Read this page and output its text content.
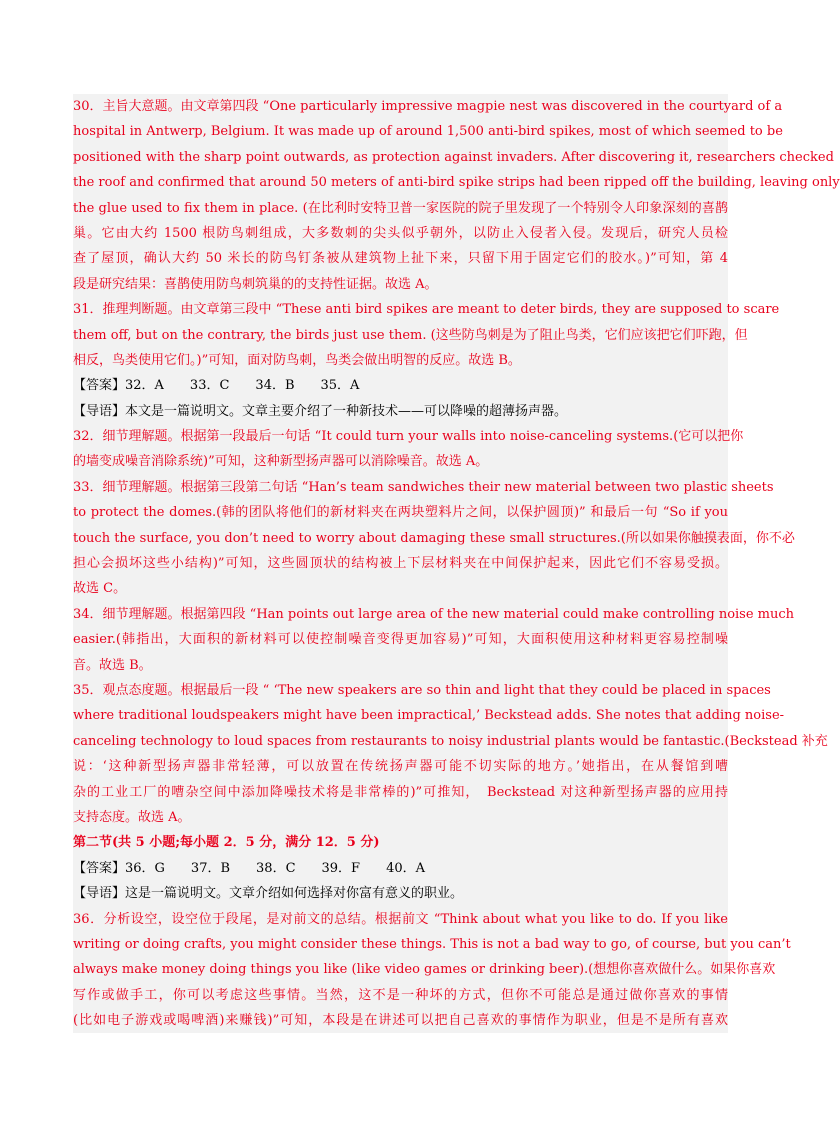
30．主旨大意题。由文章第四段 “One particularly impressive magpie nest was discovered in the courtyard of a
hospital in Antwerp, Belgium. It was made up of around 1,500 anti-bird spikes, most of which seemed to be
positioned with the sharp point outwards, as protection against invaders. After discovering it, researchers checked
the roof and confirmed that around 50 meters of anti-bird spike strips had been ripped off the building, leaving only
the glue used to fix them in place. (在比利时安特卫普一家医院的院子里发现了一个特别令人印象深刻的喜鹊
巢。它由大约 1500 根防鸟刺组成，大多数刺的尖头似乎朝外，以防止入侵者入侵。发现后，研究人员检
查了屋顶，确认大约 50 米长的防鸟钉条被从建筑物上扯下来，只留下用于固定它们的胶水。)”可知，第 4
段是研究结果：喜鹊使用防鸟刺筑巢的的支持性证据。故选 A。
31．推理判断题。由文章第三段中 “These anti bird spikes are meant to deter birds, they are supposed to scare
them off, but on the contrary, the birds just use them. (这些防鸟刺是为了阻止鸟类，它们应该把它们吓跑，但
相反，鸟类使用它们。)”可知，面对防鸟刺，鸟类会做出明智的反应。故选 B。
【答案】32．A　　33．C　　34．B　　35．A
【导语】本文是一篇说明文。文章主要介绍了一种新技术——可以降噪的超薄扬声器。
32．细节理解题。根据第一段最后一句话 “It could turn your walls into noise-canceling systems.(它可以把你
的墙变成噪音消除系统)”可知，这种新型扬声器可以消除噪音。故选 A。
33．细节理解题。根据第三段第二句话 “Han’s team sandwiches their new material between two plastic sheets
to protect the domes.(韩的团队将他们的新材料夹在两块塑料片之间，以保护圆顶)” 和最后一句 “So if you
touch the surface, you don’t need to worry about damaging these small structures.(所以如果你触摸表面，你不必
担心会损坏这些小结构)”可知，这些圆顶状的结构被上下层材料夹在中间保护起来，因此它们不容易受损。
故选 C。
34．细节理解题。根据第四段 “Han points out large area of the new material could make controlling noise much
easier.(韩指出，大面积的新材料可以使控制噪音变得更加容易)”可知，大面积使用这种材料更容易控制噪
音。故选 B。
35．观点态度题。根据最后一段 “ ‘The new speakers are so thin and light that they could be placed in spaces
where traditional loudspeakers might have been impractical,’ Beckstead adds. She notes that adding noise-
canceling technology to loud spaces from restaurants to noisy industrial plants would be fantastic.(Beckstead 补充
说：‘这种新型扬声器非常轻薄，可以放置在传统扬声器可能不切实际的地方。’她指出，在从餐馆到嘈
杂的工业工厂的嘈杂空间中添加降噪技术将是非常棒的)”可推知，　Beckstead 对这种新型扬声器的应用持
支持态度。故选 A。
第二节(共 5 小题;每小题 2．5 分，满分 12．5 分)
【答案】36．G　　37．B　　38．C　　39．F　　40．A
【导语】这是一篇说明文。文章介绍如何选择对你富有意义的职业。
36．分析设空，设空位于段尾，是对前文的总结。根据前文 “Think about what you like to do. If you like
writing or doing crafts, you might consider these things. This is not a bad way to go, of course, but you can’t
always make money doing things you like (like video games or drinking beer).(想想你喜欢做什么。如果你喜欢
写作或做手工，你可以考虑这些事情。当然，这不是一种坏的方式，但你不可能总是通过做你喜欢的事情
(比如电子游戏或喝啤酒)来赚钱)”可知，本段是在讲述可以把自己喜欢的事情作为职业，但是不是所有喜欢
